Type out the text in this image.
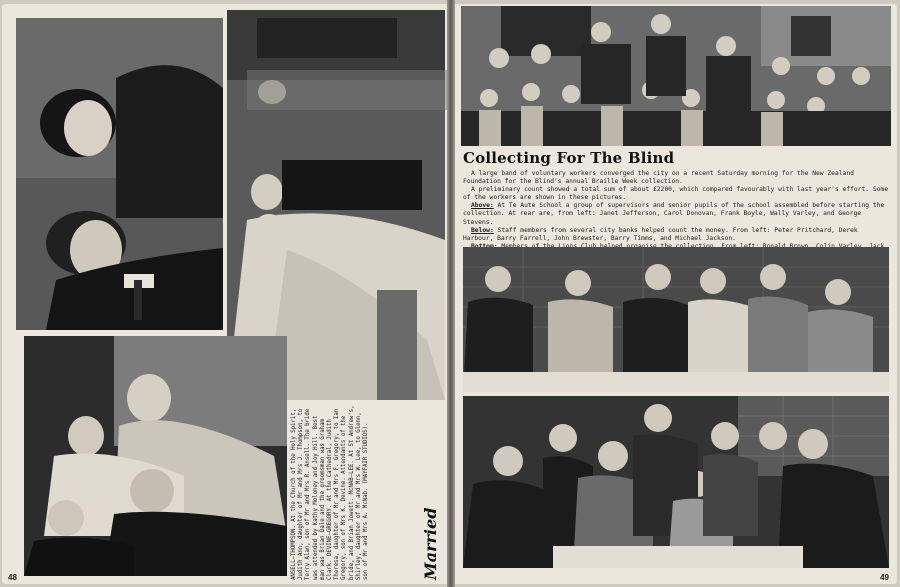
ANSELL—THOMPSON. At the Church of the Holy Spirit, Judith Ann, daughter of Mr and Mrs J. Thompson, to Terry Alan, son of Mr and Mrs R. Ansell. The bride was attended by Kathy Moloney and Joy Hill. Best man was Brian Dale and the groomsman was Graham Clark. DEVINE—GREGORY. At the Cathedral, Judith Theresa, daughter of Mr and Mrs F. Gregory, to Ian Gregory, son of Mrs K. Devine. Attendants of the bride, and Brian Jowett. McNAB—LEE. At St Andrew's, Shirley, daughter of Mr and Mrs W. Lee, to Glenn, son of Mr and Mrs A. McNab. (MAYFAIR STUDIOS).	Married
48
Collecting For The Blind

A large band of voluntary workers converged the city on a recent Saturday morning for the New Zealand Foundation for the Blind's annual Braille Week collection.

A preliminary count showed a total sum of about £2200, which compared favourably with last year's effort. Some of the workers are shown in these pictures.

Above: At Te Aute School a group of supervisors and senior pupils of the school assembled before starting the collection. At rear are, from left: Janet Jefferson, Carol Donovan, Frank Boyle, Wally Varley, and George Stevens.

Below: Staff members from several city banks helped count the money. From left: Peter Pritchard, Derek Harbour, Barry Farrell, John Brewster, Barry Timms, and Michael Jackson.

49
